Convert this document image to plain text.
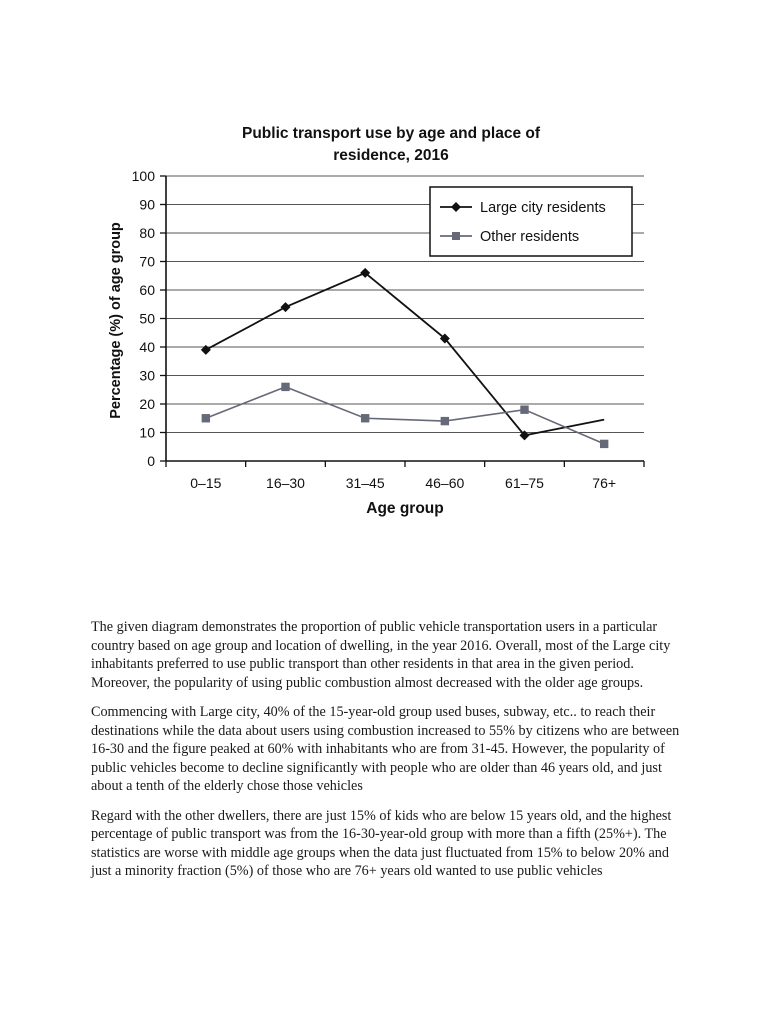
Public transport use by age and place of
residence, 2016
0
10
20
30
40
50
60
70
80
90
100
0–15	16–30	31–45	46–60	61–75	76+
Large city residents
Other residents
Age group
Percentage (%) of age group

The given diagram demonstrates the proportion of public vehicle transportation users in a particular country based on age group and location of dwelling, in the year 2016. Overall, most of the Large city inhabitants preferred to use public transport than other residents in that area in the given period. Moreover, the popularity of using public combustion almost decreased with the older age groups.

Commencing with Large city, 40% of the 15-year-old group used buses, subway, etc.. to reach their destinations while the data about users using combustion increased to 55% by citizens who are between 16-30 and the figure peaked at 60% with inhabitants who are from 31-45. However, the popularity of public vehicles become to decline significantly with people who are older than 46 years old, and just about a tenth of the elderly chose those vehicles

Regard with the other dwellers, there are just 15% of kids who are below 15 years old, and the highest percentage of public transport was from the 16-30-year-old group with more than a fifth (25%+). The statistics are worse with middle age groups when the data just fluctuated from 15% to below 20% and just a minority fraction (5%) of those who are 76+ years old wanted to use public vehicles
